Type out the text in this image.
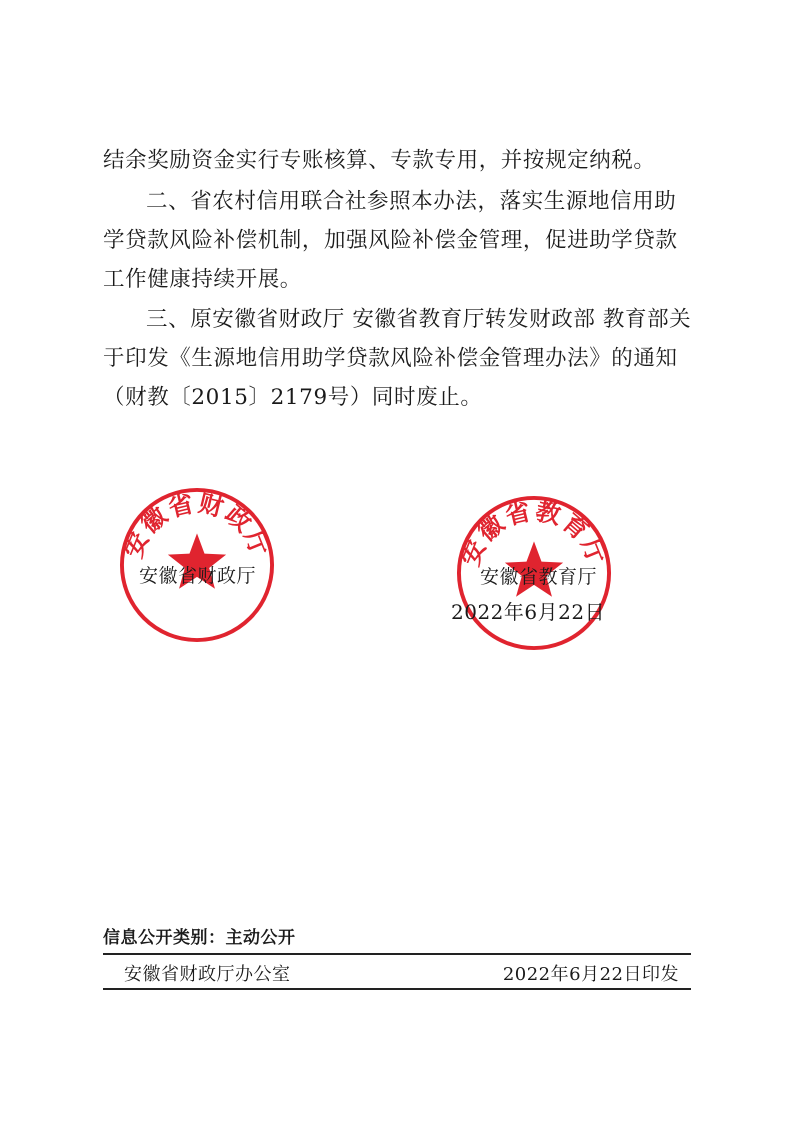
结余奖励资金实行专账核算、专款专用，并按规定纳税。

二、省农村信用联合社参照本办法，落实生源地信用助学贷款风险补偿机制，加强风险补偿金管理，促进助学贷款工作健康持续开展。

三、原安徽省财政厅 安徽省教育厅转发财政部 教育部关于印发《生源地信用助学贷款风险补偿金管理办法》的通知（财教〔2015〕2179号）同时废止。

安徽省财政厅	安徽省教育厅
安徽省财政厅	安徽省教育厅
2022年6月22日
信息公开类别：主动公开
安徽省财政厅办公室	2022年6月22日印发
